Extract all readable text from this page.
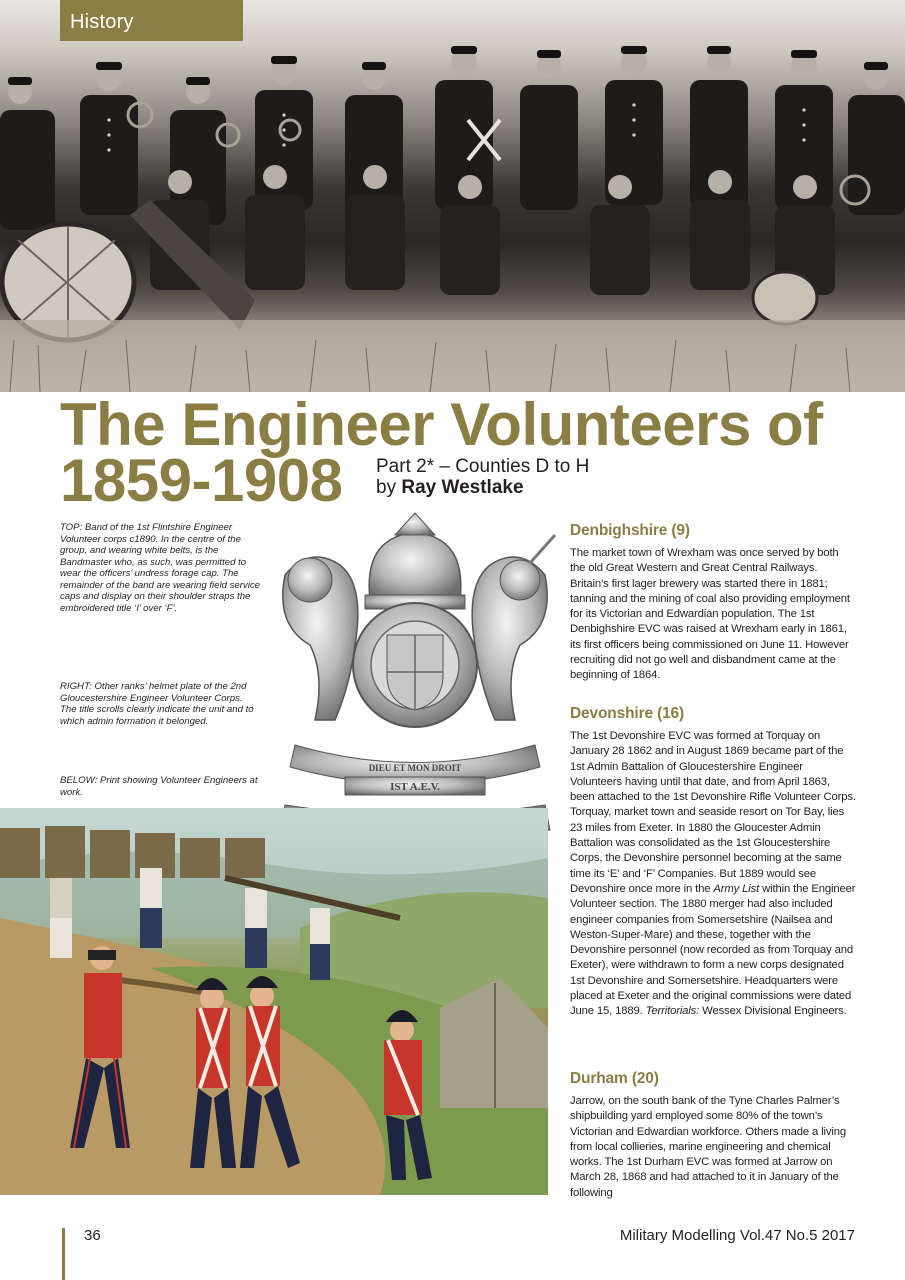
History
The Engineer Volunteers of
1859-1908	Part 2* – Counties D to H
by Ray Westlake

TOP: Band of the 1st Flintshire Engineer Volunteer corps c1890. In the centre of the group, and wearing white belts, is the Bandmaster who, as such, was permitted to wear the officers’ undress forage cap. The remainder of the band are wearing field service caps and display on their shoulder straps the embroidered title ‘I’ over ‘F’.

RIGHT: Other ranks’ helmet plate of the 2nd Gloucestershire Engineer Volunteer Corps. The title scrolls clearly indicate the unit and to which admin formation it belonged.

BELOW: Print showing Volunteer Engineers at work.

DIEU ET MON DROIT
IST A.E.V.
Denbighshire (9)

The market town of Wrexham was once served by both the old Great Western and Great Central Railways. Britain’s first lager brewery was started there in 1881; tanning and the mining of coal also providing employment for its Victorian and Edwardian population. The 1st Denbighshire EVC was raised at Wrexham early in 1861, its first officers being commissioned on June 11. However recruiting did not go well and disbandment came at the beginning of 1864.

Devonshire (16)

The 1st Devonshire EVC was formed at Torquay on January 28 1862 and in August 1869 became part of the 1st Admin Battalion of Gloucestershire Engineer Volunteers having until that date, and from April 1863, been attached to the 1st Devonshire Rifle Volunteer Corps. Torquay, market town and seaside resort on Tor Bay, lies 23 miles from Exeter. In 1880 the Gloucester Admin Battalion was consolidated as the 1st Gloucestershire Corps, the Devonshire personnel becoming at the same time its ‘E’ and ‘F’ Companies. But 1889 would see Devonshire once more in the Army List within the Engineer Volunteer section. The 1880 merger had also included engineer companies from Somersetshire (Nailsea and Weston-Super-Mare) and these, together with the Devonshire personnel (now recorded as from Torquay and Exeter), were withdrawn to form a new corps designated 1st Devonshire and Somersetshire. Headquarters were placed at Exeter and the original commissions were dated June 15, 1889. Territorials: Wessex Divisional Engineers.

Durham (20)

Jarrow, on the south bank of the Tyne Charles Palmer’s shipbuilding yard employed some 80% of the town’s Victorian and Edwardian workforce. Others made a living from local collieries, marine engineering and chemical works. The 1st Durham EVC was formed at Jarrow on March 28, 1868 and had attached to it in January of the following

36	Military Modelling Vol.47 No.5 2017
